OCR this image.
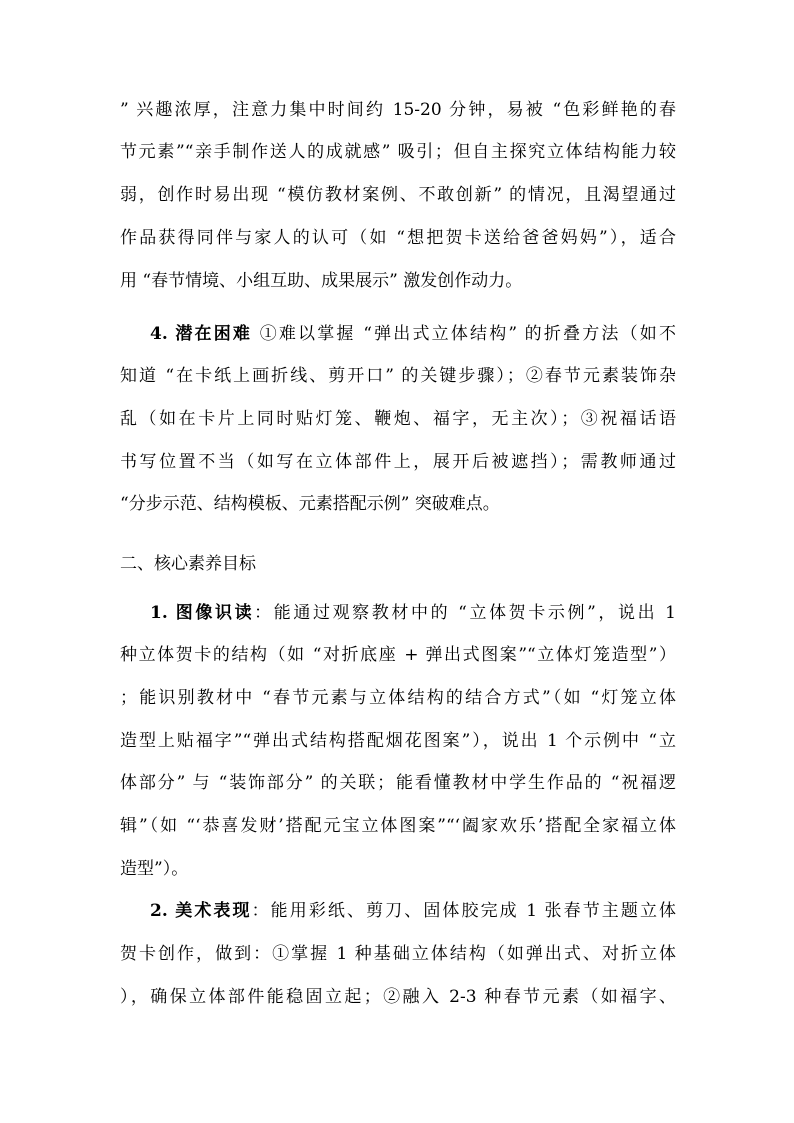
” 兴趣浓厚，注意力集中时间约 15-20 分钟，易被 “色彩鲜艳的春
节元素”“亲手制作送人的成就感” 吸引；但自主探究立体结构能力较
弱，创作时易出现 “模仿教材案例、不敢创新” 的情况，且渴望通过
作品获得同伴与家人的认可（如 “想把贺卡送给爸爸妈妈”），适合
用 “春节情境、小组互助、成果展示” 激发创作动力。
4. 潜在困难 ①难以掌握 “弹出式立体结构” 的折叠方法（如不
知道 “在卡纸上画折线、剪开口” 的关键步骤）；②春节元素装饰杂
乱（如在卡片上同时贴灯笼、鞭炮、福字，无主次）；③祝福话语
书写位置不当（如写在立体部件上，展开后被遮挡）；需教师通过
“分步示范、结构模板、元素搭配示例” 突破难点。
二、核心素养目标
1. 图像识读：能通过观察教材中的 “立体贺卡示例”，说出 1
种立体贺卡的结构（如 “对折底座 + 弹出式图案”“立体灯笼造型”）
；能识别教材中 “春节元素与立体结构的结合方式”（如 “灯笼立体
造型上贴福字”“弹出式结构搭配烟花图案”），说出 1 个示例中 “立
体部分” 与 “装饰部分” 的关联；能看懂教材中学生作品的 “祝福逻
辑”（如 “‘恭喜发财’搭配元宝立体图案”“‘阖家欢乐’搭配全家福立体
造型”）。
2. 美术表现：能用彩纸、剪刀、固体胶完成 1 张春节主题立体
贺卡创作，做到：①掌握 1 种基础立体结构（如弹出式、对折立体
），确保立体部件能稳固立起；②融入 2-3 种春节元素（如福字、
